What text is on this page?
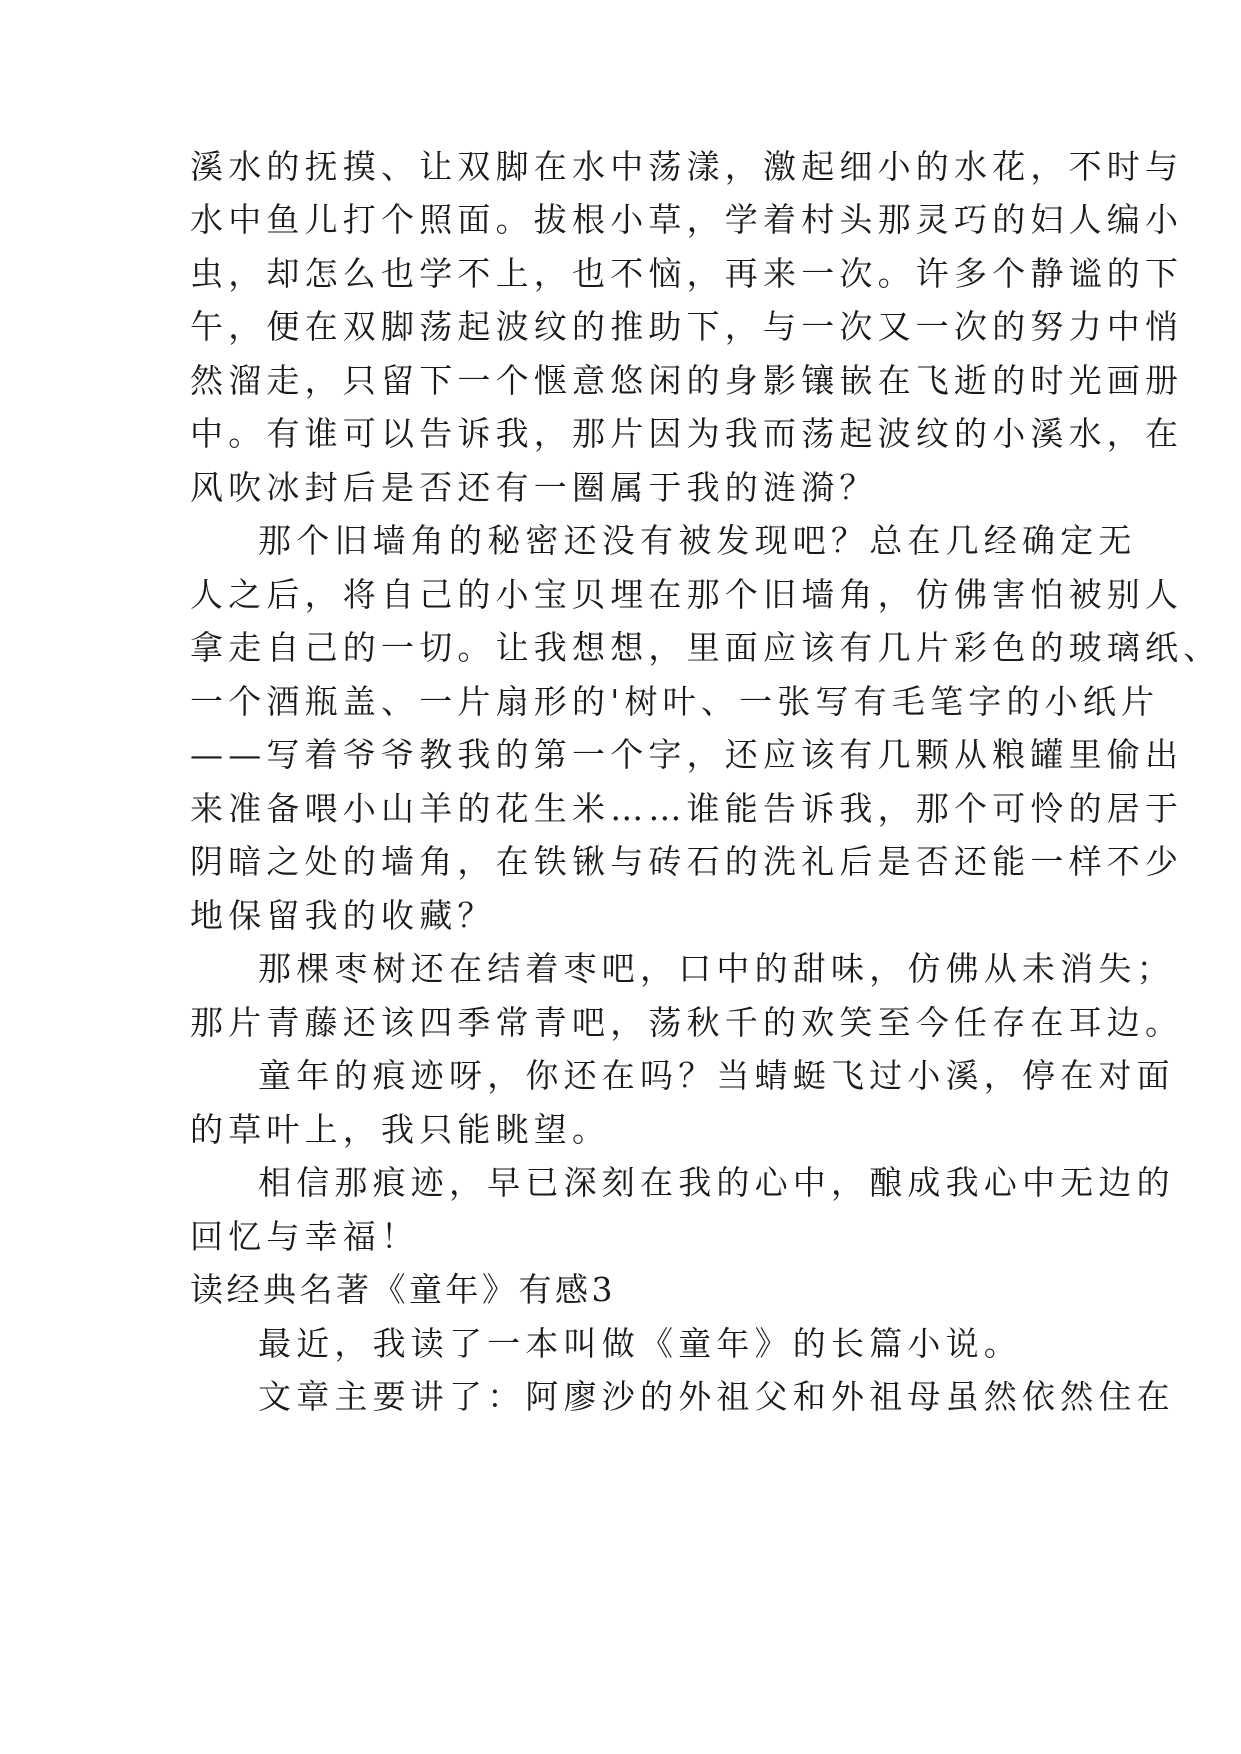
溪水的抚摸、让双脚在水中荡漾，激起细小的水花，不时与
水中鱼儿打个照面。拔根小草，学着村头那灵巧的妇人编小
虫，却怎么也学不上，也不恼，再来一次。许多个静谧的下
午，便在双脚荡起波纹的推助下，与一次又一次的努力中悄
然溜走，只留下一个惬意悠闲的身影镶嵌在飞逝的时光画册
中。有谁可以告诉我，那片因为我而荡起波纹的小溪水，在
风吹冰封后是否还有一圈属于我的涟漪？
那个旧墙角的秘密还没有被发现吧？总在几经确定无
人之后，将自己的小宝贝埋在那个旧墙角，仿佛害怕被别人
拿走自己的一切。让我想想，里面应该有几片彩色的玻璃纸、
一个酒瓶盖、一片扇形的'树叶、一张写有毛笔字的小纸片
——写着爷爷教我的第一个字，还应该有几颗从粮罐里偷出
来准备喂小山羊的花生米……谁能告诉我，那个可怜的居于
阴暗之处的墙角，在铁锹与砖石的洗礼后是否还能一样不少
地保留我的收藏？
那棵枣树还在结着枣吧，口中的甜味，仿佛从未消失；
那片青藤还该四季常青吧，荡秋千的欢笑至今任存在耳边。
童年的痕迹呀，你还在吗？当蜻蜓飞过小溪，停在对面
的草叶上，我只能眺望。
相信那痕迹，早已深刻在我的心中，酿成我心中无边的
回忆与幸福！
读经典名著《童年》有感3
最近，我读了一本叫做《童年》的长篇小说。
文章主要讲了：阿廖沙的外祖父和外祖母虽然依然住在
